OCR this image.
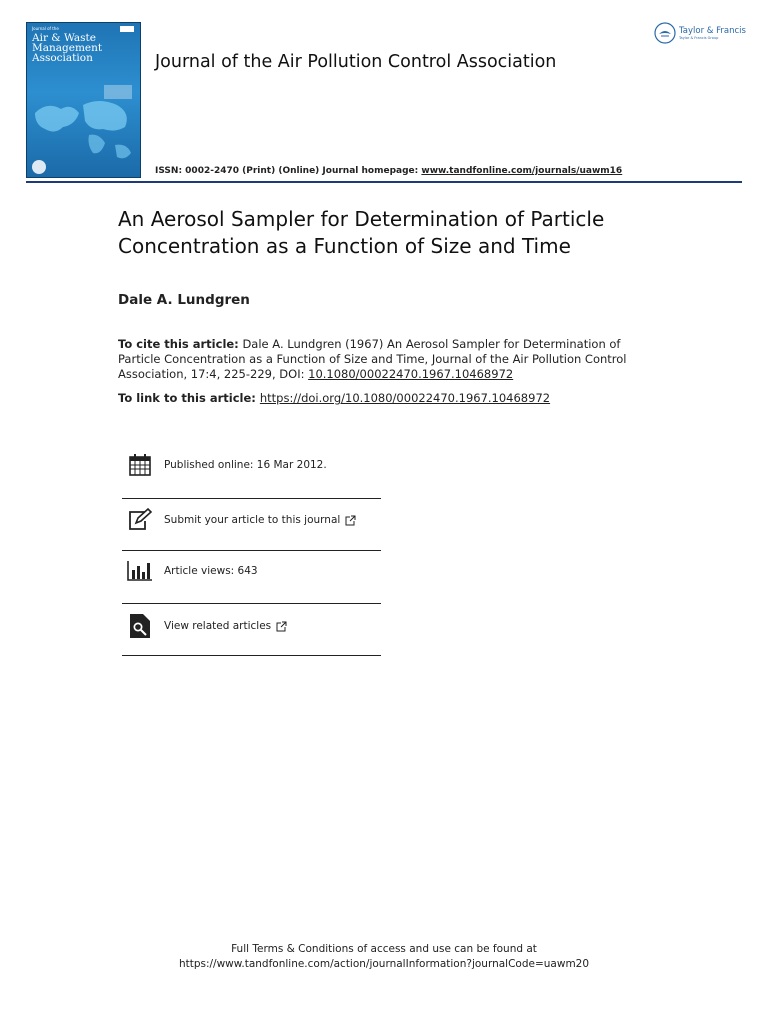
Journal of the
Air & Waste
Management
Association	Journal of the Air Pollution Control Association
ISSN: 0002-2470 (Print) (Online) Journal homepage: www.tandfonline.com/journals/uawm16
Taylor & Francis
Taylor & Francis Group
An Aerosol Sampler for Determination of Particle Concentration as a Function of Size and Time
Dale A. Lundgren
To cite this article: Dale A. Lundgren (1967) An Aerosol Sampler for Determination of Particle Concentration as a Function of Size and Time, Journal of the Air Pollution Control Association, 17:4, 225-229, DOI: 10.1080/00022470.1967.10468972
To link to this article: https://doi.org/10.1080/00022470.1967.10468972
Published online: 16 Mar 2012.
Submit your article to this journal
Article views: 643
View related articles
Full Terms & Conditions of access and use can be found at
https://www.tandfonline.com/action/journalInformation?journalCode=uawm20
